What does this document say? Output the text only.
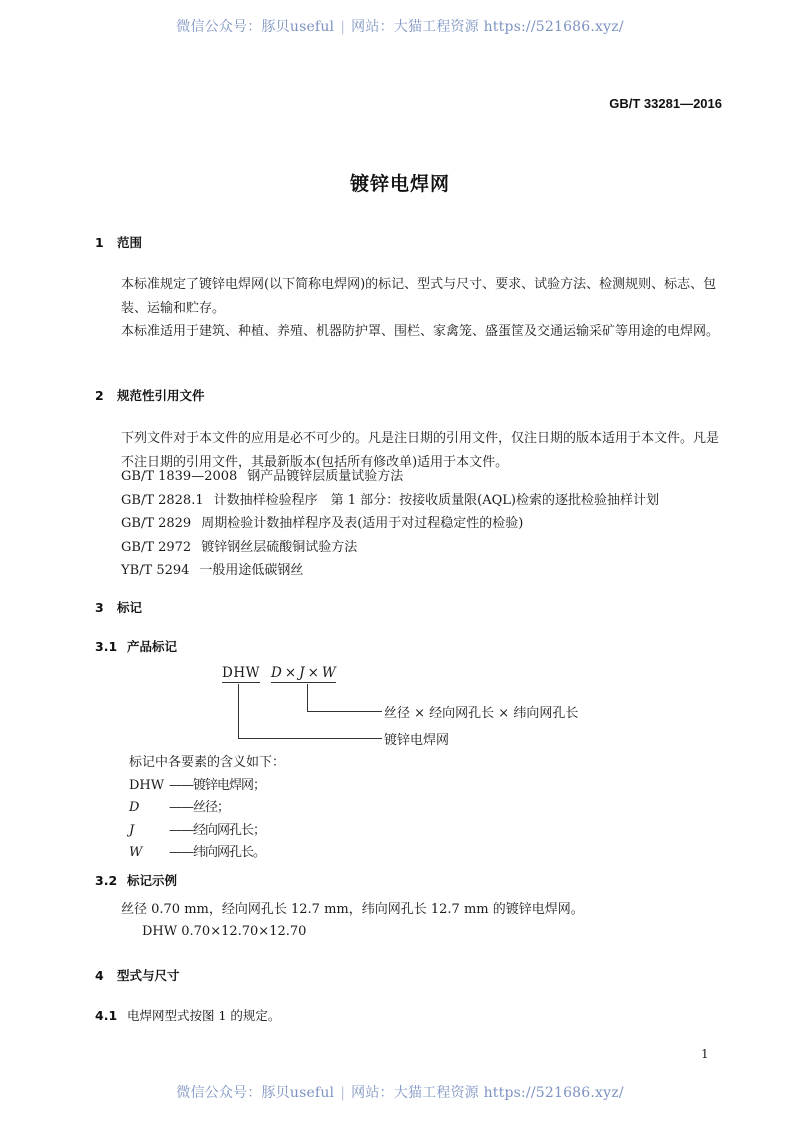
微信公众号：豚贝useful | 网站：大猫工程资源 https://521686.xyz/
GB/T 33281—2016
镀锌电焊网
1 范围
本标准规定了镀锌电焊网(以下简称电焊网)的标记、型式与尺寸、要求、试验方法、检测规则、标志、包装、运输和贮存。
本标准适用于建筑、种植、养殖、机器防护罩、围栏、家禽笼、盛蛋筐及交通运输采矿等用途的电焊网。
2 规范性引用文件
下列文件对于本文件的应用是必不可少的。凡是注日期的引用文件，仅注日期的版本适用于本文件。凡是不注日期的引用文件，其最新版本(包括所有修改单)适用于本文件。
GB/T 1839—2008 钢产品镀锌层质量试验方法
GB/T 2828.1 计数抽样检验程序　第 1 部分：按接收质量限(AQL)检索的逐批检验抽样计划
GB/T 2829 周期检验计数抽样程序及表(适用于对过程稳定性的检验)
GB/T 2972 镀锌钢丝层硫酸铜试验方法
YB/T 5294 一般用途低碳钢丝
3 标记
3.1 产品标记
DHW D × J × W
丝径 × 经向网孔长 × 纬向网孔长
镀锌电焊网
标记中各要素的含义如下：
DHW ——镀锌电焊网；
D ——丝径；
J	——经向网孔长；
W ——纬向网孔长。
3.2 标记示例
丝径 0.70 mm，经向网孔长 12.7 mm，纬向网孔长 12.7 mm 的镀锌电焊网。
DHW 0.70×12.70×12.70
4 型式与尺寸
4.1 电焊网型式按图 1 的规定。
1
微信公众号：豚贝useful | 网站：大猫工程资源 https://521686.xyz/
